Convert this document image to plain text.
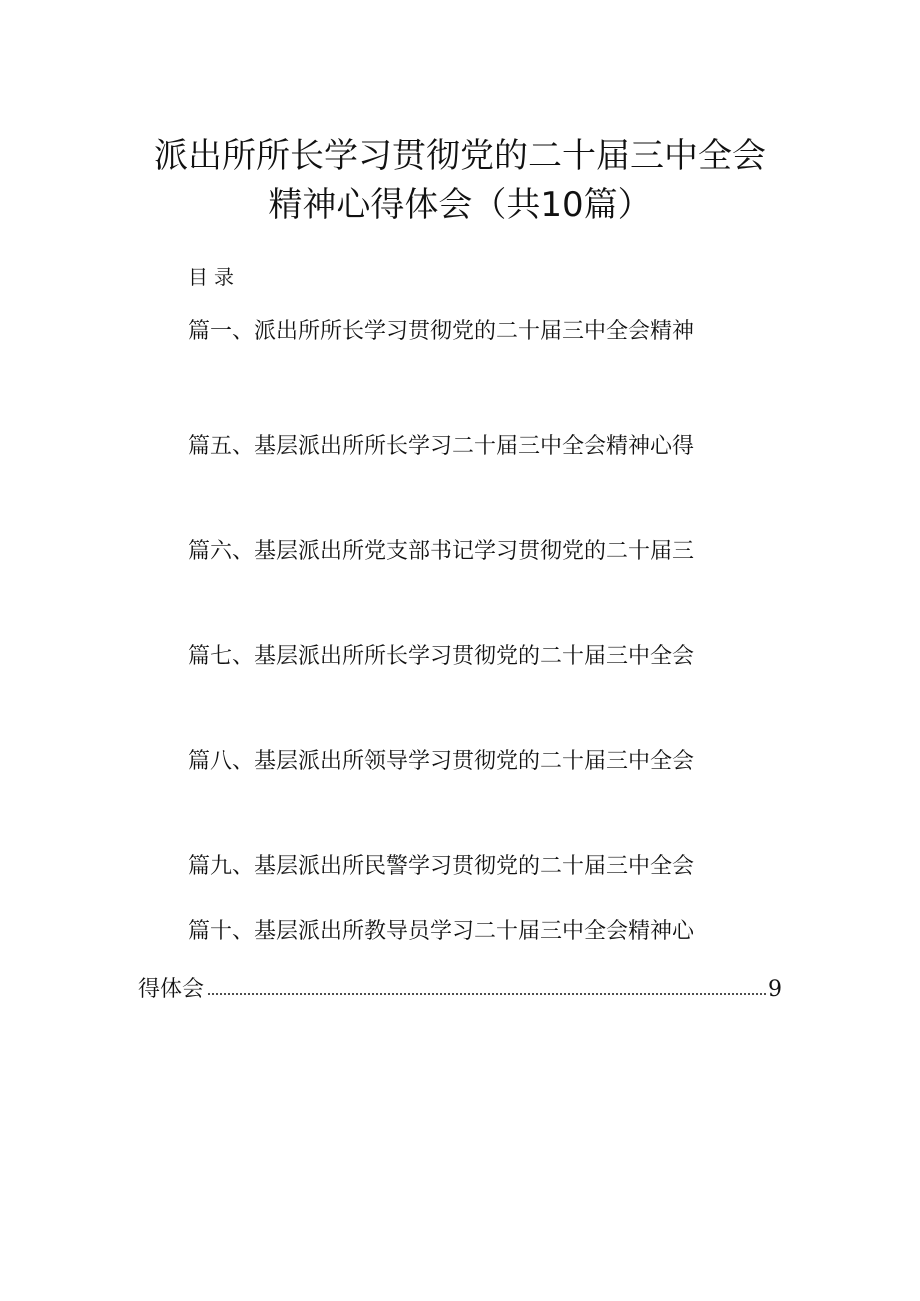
派出所所长学习贯彻党的二十届三中全会
精神心得体会（共10篇）
目录
篇一、派出所所长学习贯彻党的二十届三中全会精神
篇五、基层派出所所长学习二十届三中全会精神心得
篇六、基层派出所党支部书记学习贯彻党的二十届三
篇七、基层派出所所长学习贯彻党的二十届三中全会
篇八、基层派出所领导学习贯彻党的二十届三中全会
篇九、基层派出所民警学习贯彻党的二十届三中全会
篇十、基层派出所教导员学习二十届三中全会精神心
得体会	9
